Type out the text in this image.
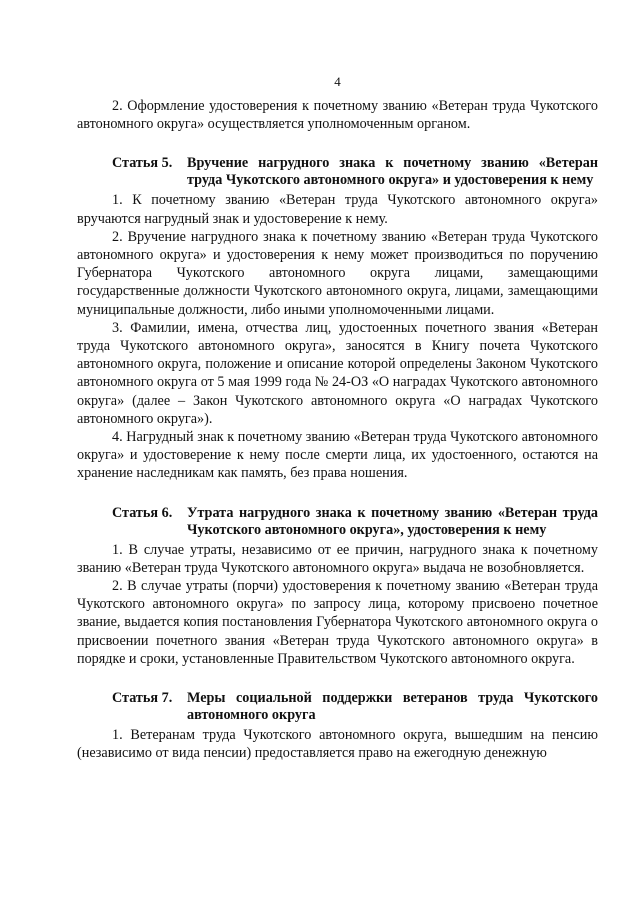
4

2. Оформление удостоверения к почетному званию «Ветеран труда Чукотского автономного округа» осуществляется уполномоченным органом.

Статья 5.	Вручение нагрудного знака к почетному званию «Ветеран труда Чукотского автономного округа» и удостоверения к нему

1. К почетному званию «Ветеран труда Чукотского автономного округа» вручаются нагрудный знак и удостоверение к нему.

2. Вручение нагрудного знака к почетному званию «Ветеран труда Чукотского автономного округа» и удостоверения к нему может производиться по поручению Губернатора Чукотского автономного округа лицами, замещающими государственные должности Чукотского автономного округа, лицами, замещающими муниципальные должности, либо иными уполномоченными лицами.

3. Фамилии, имена, отчества лиц, удостоенных почетного звания «Ветеран труда Чукотского автономного округа», заносятся в Книгу почета Чукотского автономного округа, положение и описание которой определены Законом Чукотского автономного округа от 5 мая 1999 года № 24-ОЗ «О наградах Чукотского автономного округа» (далее – Закон Чукотского автономного округа «О наградах Чукотского автономного округа»).

4. Нагрудный знак к почетному званию «Ветеран труда Чукотского автономного округа» и удостоверение к нему после смерти лица, их удостоенного, остаются на хранение наследникам как память, без права ношения.

Статья 6.	Утрата нагрудного знака к почетному званию «Ветеран труда Чукотского автономного округа», удостоверения к нему

1. В случае утраты, независимо от ее причин, нагрудного знака к почетному званию «Ветеран труда Чукотского автономного округа» выдача не возобновляется.

2. В случае утраты (порчи) удостоверения к почетному званию «Ветеран труда Чукотского автономного округа» по запросу лица, которому присвоено почетное звание, выдается копия постановления Губернатора Чукотского автономного округа о присвоении почетного звания «Ветеран труда Чукотского автономного округа» в порядке и сроки, установленные Правительством Чукотского автономного округа.

Статья 7.	Меры социальной поддержки ветеранов труда Чукотского автономного округа

1. Ветеранам труда Чукотского автономного округа, вышедшим на пенсию (независимо от вида пенсии) предоставляется право на ежегодную денежную
